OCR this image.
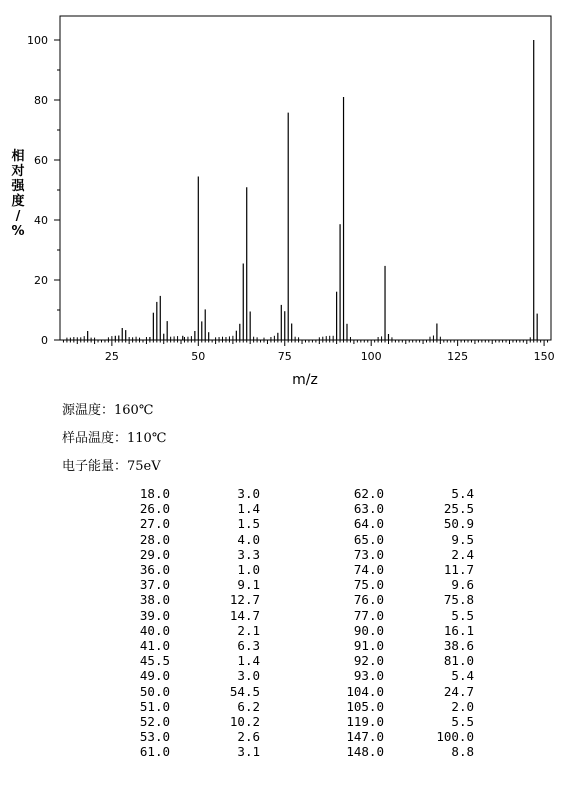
25	50	75	100	125	150
0
20
40
60
80
100
m/z
相对强度/ %
源温度：160℃
样品温度：110℃
电子能量：75eV
18.0	3.0	62.0	5.4
26.0	1.4	63.0	25.5
27.0	1.5	64.0	50.9
28.0	4.0	65.0	9.5
29.0	3.3	73.0	2.4
36.0	1.0	74.0	11.7
37.0	9.1	75.0	9.6
38.0	12.7	76.0	75.8
39.0	14.7	77.0	5.5
40.0	2.1	90.0	16.1
41.0	6.3	91.0	38.6
45.5	1.4	92.0	81.0
49.0	3.0	93.0	5.4
50.0	54.5	104.0	24.7
51.0	6.2	105.0	2.0
52.0	10.2	119.0	5.5
53.0	2.6	147.0	100.0
61.0	3.1	148.0	8.8
